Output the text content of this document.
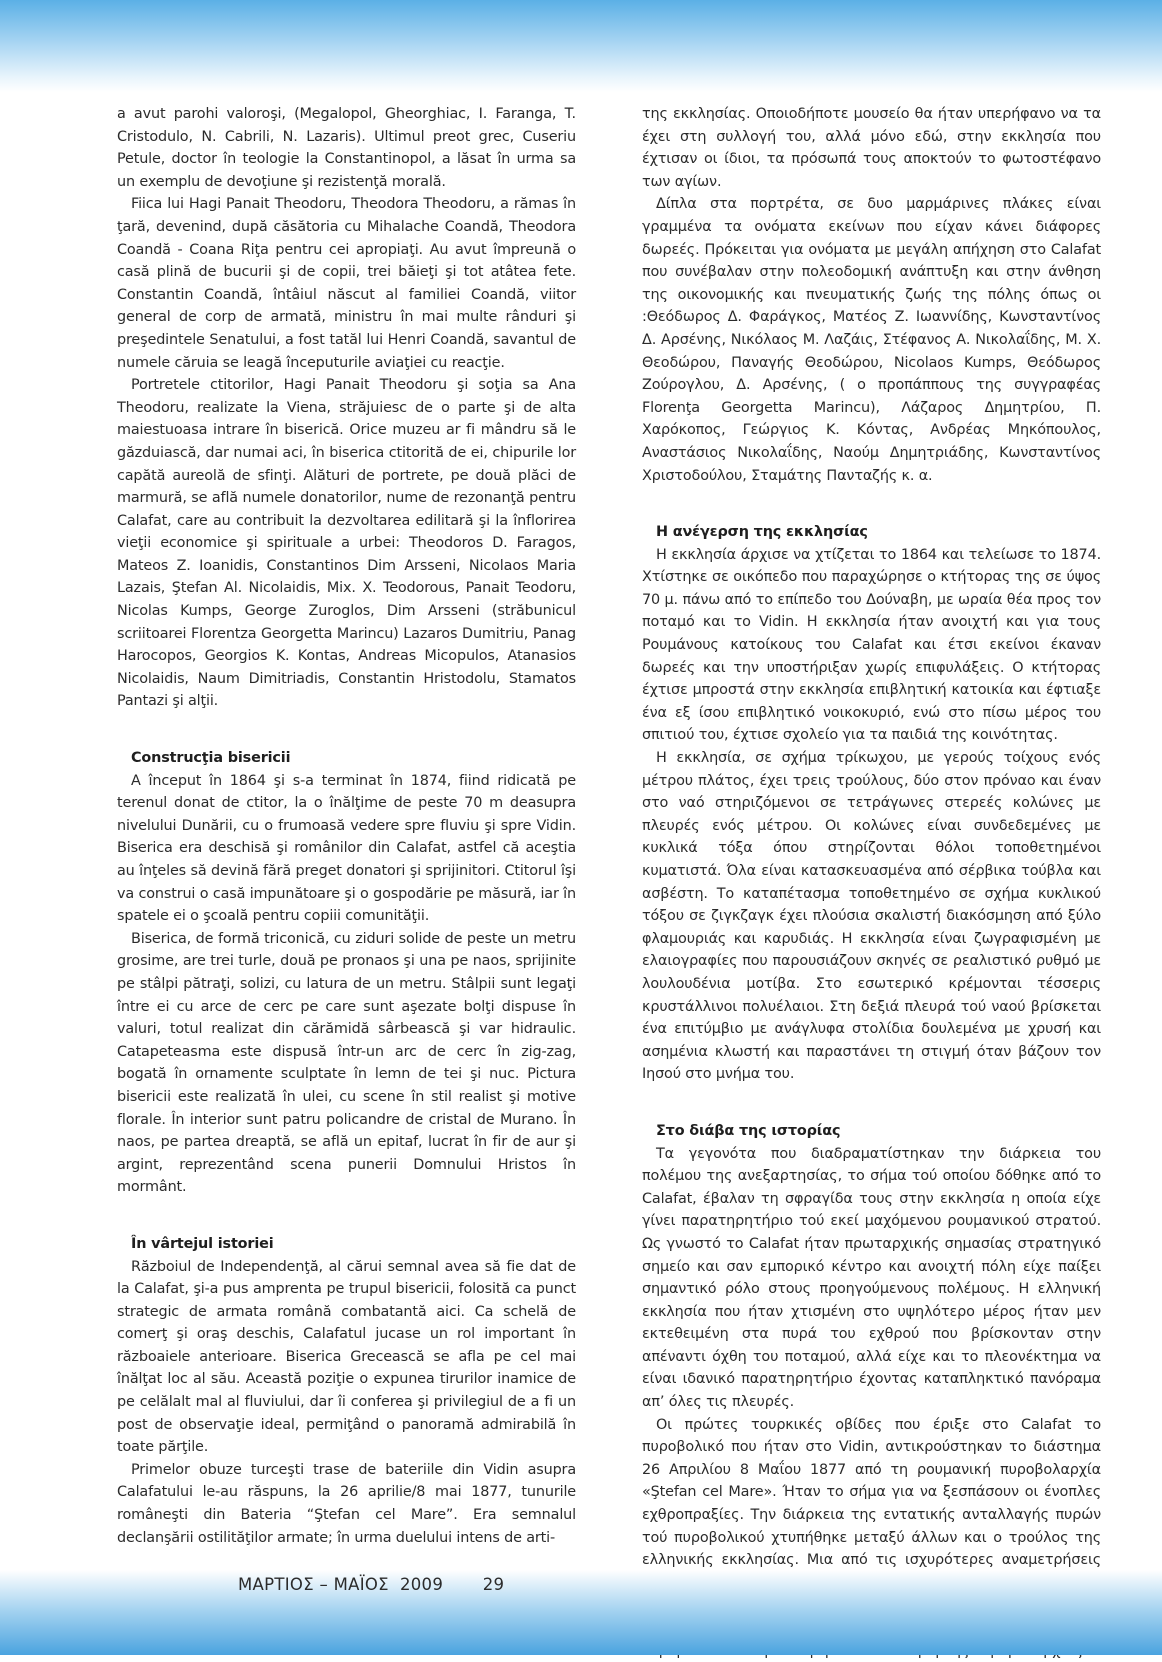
a avut parohi valoroşi, (Megalopol, Gheorghiac, I. Faranga, T. Cristodulo, N. Cabrili, N. Lazaris). Ultimul preot grec, Cuseriu Petule, doctor în teologie la Constantinopol, a lăsat în urma sa un exemplu de devoţiune şi rezistenţă morală.

Fiica lui Hagi Panait Theodoru, Theodora Theodoru, a rămas în ţară, devenind, după căsătoria cu Mihalache Coandă, Theodora Coandă - Coana Riţa pentru cei apropiaţi. Au avut împreună o casă plină de bucurii şi de copii, trei băieţi şi tot atâtea fete. Constantin Coandă, întâiul născut al familiei Coandă, viitor general de corp de armată, ministru în mai multe rânduri şi preşedintele Senatului, a fost tatăl lui Henri Coandă, savantul de numele căruia se leagă începuturile aviaţiei cu reacţie.

Portretele ctitorilor, Hagi Panait Theodoru şi soţia sa Ana Theodoru, realizate la Viena, străjuiesc de o parte şi de alta maiestuoasa intrare în biserică. Orice muzeu ar fi mândru să le găzduiască, dar numai aci, în biserica ctitorită de ei, chipurile lor capătă aureolă de sfinţi. Alături de portrete, pe două plăci de marmură, se află numele donatorilor, nume de rezonanţă pentru Calafat, care au contribuit la dezvoltarea edilitară şi la înflorirea vieţii economice şi spirituale a urbei: Theodoros D. Faragos, Mateos Z. Ioanidis, Constantinos Dim Arsseni, Nicolaos Maria Lazais, Ştefan Al. Nicolaidis, Mix. X. Teodorous, Panait Teodoru, Nicolas Kumps, George Zuroglos, Dim Arsseni (străbunicul scriitoarei Florentza Georgetta Marincu) Lazaros Dumitriu, Panag Harocopos, Georgios K. Kontas, Andreas Micopulos, Atanasios Nicolaidis, Naum Dimitriadis, Constantin Hristodolu, Stamatos Pantazi şi alţii.

Construcţia bisericii

A început în 1864 şi s-a terminat în 1874, fiind ridicată pe terenul donat de ctitor, la o înălţime de peste 70 m deasupra nivelului Dunării, cu o frumoasă vedere spre fluviu şi spre Vidin. Biserica era deschisă şi românilor din Calafat, astfel că aceştia au înţeles să devină fără preget donatori şi sprijinitori. Ctitorul îşi va construi o casă impunătoare şi o gospodărie pe măsură, iar în spatele ei o şcoală pentru copiii comunităţii.

Biserica, de formă triconică, cu ziduri solide de peste un metru grosime, are trei turle, două pe pronaos şi una pe naos, sprijinite pe stâlpi pătraţi, solizi, cu latura de un metru. Stâlpii sunt legaţi între ei cu arce de cerc pe care sunt aşezate bolţi dispuse în valuri, totul realizat din cărămidă sârbească şi var hidraulic. Catapeteasma este dispusă într-un arc de cerc în zig-zag, bogată în ornamente sculptate în lemn de tei şi nuc. Pictura bisericii este realizată în ulei, cu scene în stil realist şi motive florale. În interior sunt patru policandre de cristal de Murano. În naos, pe partea dreaptă, se află un epitaf, lucrat în fir de aur şi argint, reprezentând scena punerii Domnului Hristos în mormânt.

În vârtejul istoriei

Războiul de Independenţă, al cărui semnal avea să fie dat de la Calafat, şi-a pus amprenta pe trupul bisericii, folosită ca punct strategic de armata română combatantă aici. Ca schelă de comerţ şi oraş deschis, Calafatul jucase un rol important în războaiele anterioare. Biserica Grecească se afla pe cel mai înălţat loc al său. Această poziţie o expunea tirurilor inamice de pe celălalt mal al fluviului, dar îi conferea şi privilegiul de a fi un post de observaţie ideal, permiţând o panoramă admirabilă în toate părţile.

Primelor obuze turceşti trase de bateriile din Vidin asupra Calafatului le-au răspuns, la 26 aprilie/8 mai 1877, tunurile româneşti din Bateria “Ştefan cel Mare”. Era semnalul declanşării ostilităţilor armate; în urma duelului intens de arti-

της εκκλησίας. Οποιοδήποτε μουσείο θα ήταν υπερήφανο να τα έχει στη συλλογή του, αλλά μόνο εδώ, στην εκκλησία που έχτισαν οι ίδιοι, τα πρόσωπά τους αποκτούν το φωτοστέφανο των αγίων.

Δίπλα στα πορτρέτα, σε δυο μαρμάρινες πλάκες είναι γραμμένα τα ονόματα εκείνων που είχαν κάνει διάφορες δωρεές. Πρόκειται για ονόματα με μεγάλη απήχηση στο Calafat που συνέβαλαν στην πολεοδομική ανάπτυξη και στην άνθηση της οικονομικής και πνευματικής ζωής της πόλης όπως οι :Θεόδωρος Δ. Φαράγκος, Ματέος Ζ. Ιωαννίδης, Κωνσταντίνος Δ. Αρσένης, Νικόλαος Μ. Λαζάις, Στέφανος Α. Νικολαΐδης, Μ. Χ. Θεοδώρου, Παναγής Θεοδώρου, Nicolaos Kumps, Θεόδωρος Ζούρογλου, Δ. Αρσένης, ( ο προπάππους της συγγραφέας Florenţa Georgetta Marincu), Λάζαρος Δημητρίου, Π. Χαρόκοπος, Γεώργιος Κ. Κόντας, Ανδρέας Μηκόπουλος, Αναστάσιος Νικολαΐδης, Ναούμ Δημητριάδης, Κωνσταντίνος Χριστοδούλου, Σταμάτης Πανταζής κ. α.

Η ανέγερση της εκκλησίας

Η εκκλησία άρχισε να χτίζεται το 1864 και τελείωσε το 1874. Χτίστηκε σε οικόπεδο που παραχώρησε ο κτήτορας της σε ύψος 70 μ. πάνω από το επίπεδο του Δούναβη, με ωραία θέα προς τον ποταμό και το Vidin. Η εκκλησία ήταν ανοιχτή και για τους Ρουμάνους κατοίκους του Calafat και έτσι εκείνοι έκαναν δωρεές και την υποστήριξαν χωρίς επιφυλάξεις. Ο κτήτορας έχτισε μπροστά στην εκκλησία επιβλητική κατοικία και έφτιαξε ένα εξ ίσου επιβλητικό νοικοκυριό, ενώ στο πίσω μέρος του σπιτιού του, έχτισε σχολείο για τα παιδιά της κοινότητας.

Η εκκλησία, σε σχήμα τρίκωχου, με γερούς τοίχους ενός μέτρου πλάτος, έχει τρεις τρούλους, δύο στον πρόναο και έναν στο ναό στηριζόμενοι σε τετράγωνες στερεές κολώνες με πλευρές ενός μέτρου. Οι κολώνες είναι συνδεδεμένες με κυκλικά τόξα όπου στηρίζονται θόλοι τοποθετημένοι κυματιστά. Όλα είναι κατασκευασμένα από σέρβικα τούβλα και ασβέστη. Το καταπέτασμα τοποθετημένο σε σχήμα κυκλικού τόξου σε ζιγκζαγκ έχει πλούσια σκαλιστή διακόσμηση από ξύλο φλαμουριάς και καρυδιάς. Η εκκλησία είναι ζωγραφισμένη με ελαιογραφίες που παρουσιάζουν σκηνές σε ρεαλιστικό ρυθμό με λουλουδένια μοτίβα. Στο εσωτερικό κρέμονται τέσσερις κρυστάλλινοι πολυέλαιοι. Στη δεξιά πλευρά τού ναού βρίσκεται ένα επιτύμβιο με ανάγλυφα στολίδια δουλεμένα με χρυσή και ασημένια κλωστή και παραστάνει τη στιγμή όταν βάζουν τον Ιησού στο μνήμα του.

Στο διάβα της ιστορίας

Τα γεγονότα που διαδραματίστηκαν την διάρκεια του πολέμου της ανεξαρτησίας, το σήμα τού οποίου δόθηκε από το Calafat, έβαλαν τη σφραγίδα τους στην εκκλησία η οποία είχε γίνει παρατηρητήριο τού εκεί μαχόμενου ρουμανικού στρατού. Ως γνωστό το Calafat ήταν πρωταρχικής σημασίας στρατηγικό σημείο και σαν εμπορικό κέντρο και ανοιχτή πόλη είχε παίξει σημαντικό ρόλο στους προηγούμενους πολέμους. Η ελληνική εκκλησία που ήταν χτισμένη στο υψηλότερο μέρος ήταν μεν εκτεθειμένη στα πυρά του εχθρού που βρίσκονταν στην απέναντι όχθη του ποταμού, αλλά είχε και το πλεονέκτημα να είναι ιδανικό παρατηρητήριο έχοντας καταπληκτικό πανόραμα απ’ όλες τις πλευρές.

Οι πρώτες τουρκικές οβίδες που έριξε στο Calafat το πυροβολικό που ήταν στο Vidin, αντικρούστηκαν το διάστημα 26 Απριλίου 8 Μαΐου 1877 από τη ρουμανική πυροβολαρχία «Ştefan cel Mare». Ήταν το σήμα για να ξεσπάσουν οι ένοπλες εχθροπραξίες. Την διάρκεια της εντατικής ανταλλαγής πυρών τού πυροβολικού χτυπήθηκε μεταξύ άλλων και ο τρούλος της ελληνικής εκκλησίας. Μια από τις ισχυρότερες αναμετρήσεις

ΜΑΡΤΙΟΣ – ΜΑΪΟΣ  2009 29
